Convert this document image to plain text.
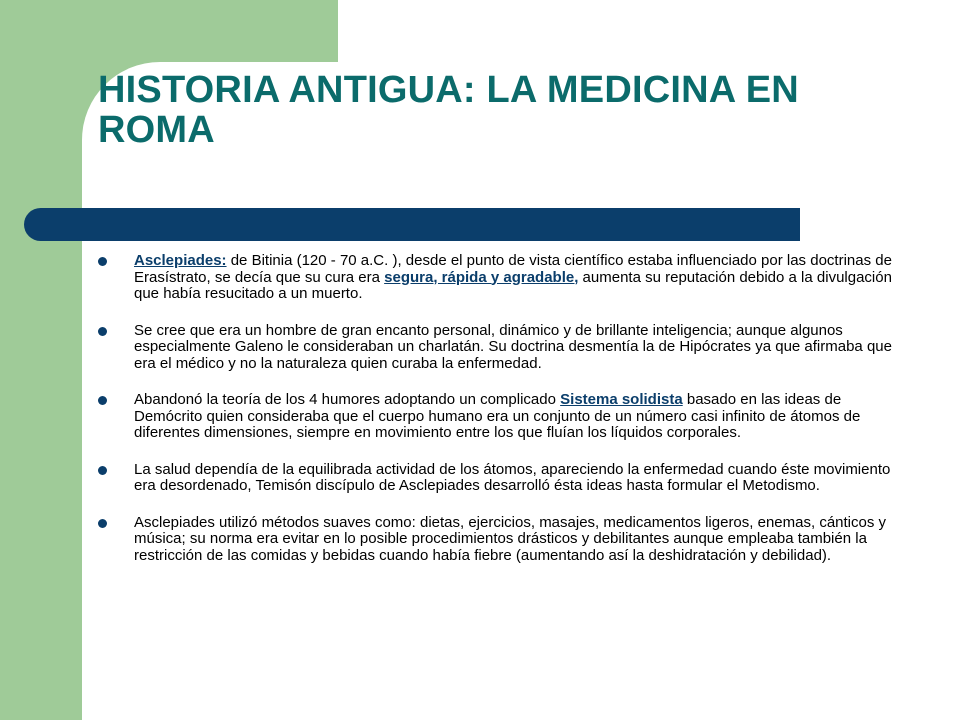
HISTORIA ANTIGUA: LA MEDICINA EN ROMA
Asclepiades: de Bitinia (120 - 70 a.C. ), desde el punto de vista científico estaba influenciado por las doctrinas de Erasístrato, se decía que su cura era segura, rápida y agradable, aumenta su reputación debido a la divulgación que había resucitado a un muerto.
Se cree que era un hombre de gran encanto personal, dinámico y de brillante inteligencia; aunque algunos especialmente Galeno le consideraban un charlatán. Su doctrina desmentía la de Hipócrates ya que afirmaba que era el médico y no la naturaleza quien curaba la enfermedad.
Abandonó la teoría de los 4 humores adoptando un complicado Sistema solidista basado en las ideas de Demócrito quien consideraba que el cuerpo humano era un conjunto de un número casi infinito de átomos de diferentes dimensiones, siempre en movimiento entre los que fluían los líquidos corporales.
La salud dependía de la equilibrada actividad de los átomos, apareciendo la enfermedad cuando éste movimiento era desordenado, Temisón discípulo de Asclepiades desarrolló ésta ideas hasta formular el Metodismo.
Asclepiades utilizó métodos suaves como: dietas, ejercicios, masajes, medicamentos ligeros, enemas, cánticos y música; su norma era evitar en lo posible procedimientos drásticos y debilitantes aunque empleaba también la restricción de las comidas y bebidas cuando había fiebre (aumentando así la deshidratación y debilidad).
